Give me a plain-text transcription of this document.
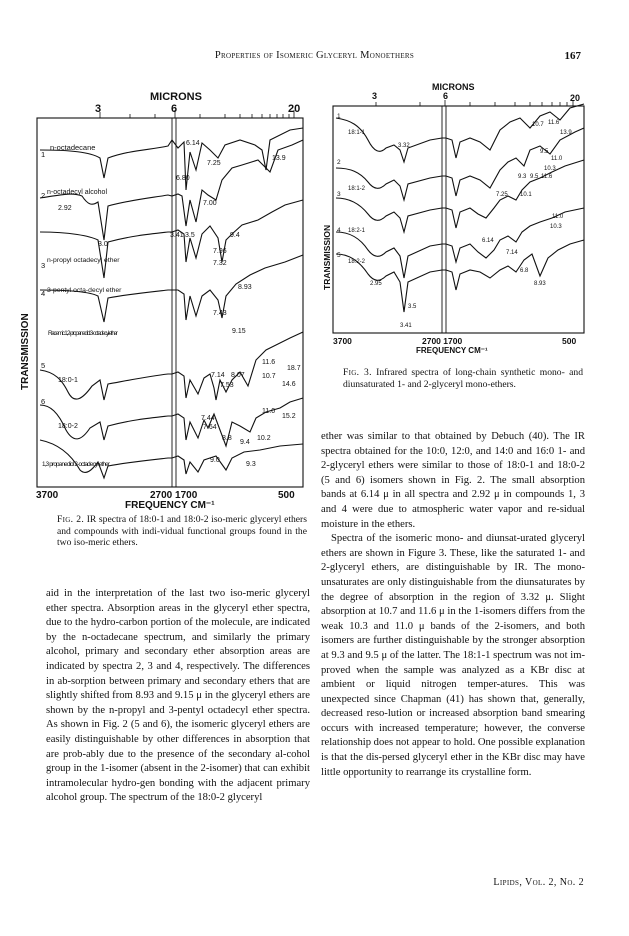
Properties of Isomeric Glyceryl Monoethers	167
MICRONS
3	6	20
TRANSMISSION
3700	2700 1700	500
FREQUENCY CM⁻¹
1
n-octadecane
2 n-octadecyl alcohol
3
n-propyl octadecyl ether
4 3-pentyl octa-decyl ether
5
Racemic 1,2-propanediol 3-octadecyl ether
18:0-1
6
18:0-2
1,3 propanediol 2-octadecyl ether
6.14
7.25
13.9
6.80
2.92
7.00
3.41 3.5	9.4
3.0
7.96
7.32
8.93
7.43
9.15
11.6
18.7
7.14 8.07 10.7
7.53	14.6
11.0
7.44	15.2
7.64
8.8
9.4
10.2
9.0
9.3
MICRONS
3	6	20
TRANSMISSION
3700	2700 1700	500
FREQUENCY CM⁻¹
1
18:1-1
2
3
18:1-2
4 18:2-1
5
18:2-2
3.32
10.7 11.6
13.9
9.5
11.0
10.3
9.3 9.5 11.6
7.25 10.1
11.0
6.14
7.14
10.3
6.8
8.93
2.95
3.5
3.41
Fig. 2. IR spectra of 18:0-1 and 18:0-2 iso-meric glyceryl ethers and compounds with indi-vidual functional groups found in the two iso-meric ethers.
Fig. 3. Infrared spectra of long-chain synthetic mono- and diunsaturated 1- and 2-glyceryl mono-ethers.

aid in the interpretation of the last two iso-meric glyceryl ether spectra. Absorption areas in the glyceryl ether spectra, due to the hydro-carbon portion of the molecule, are indicated by the n-octadecane spectrum, and similarly the primary alcohol, primary and secondary ether absorption areas are indicated by spectra 2, 3 and 4, respectively. The differences in ab-sorption between primary and secondary ethers that are slightly shifted from 8.93 and 9.15 μ in the glyceryl ethers are shown by the n-propyl and 3-pentyl octadecyl ether spectra. As shown in Fig. 2 (5 and 6), the isomeric glyceryl ethers are easily distinguishable by other differences in absorption that are prob-ably due to the presence of the secondary al-cohol group in the 1-isomer (absent in the 2-isomer) that can exhibit intramolecular hydro-gen bonding with the adjacent primary alcohol group. The spectrum of the 18:0-2 glyceryl

ether was similar to that obtained by Debuch (40). The IR spectra obtained for the 10:0, 12:0, and 14:0 and 16:0 1- and 2-glyceryl ethers were similar to those of 18:0-1 and 18:0-2 (5 and 6) isomers shown in Fig. 2. The small absorption bands at 6.14 μ in all spectra and 2.92 μ in compounds 1, 3 and 4 were due to atmospheric water vapor and re-sidual moisture in the ethers.

Spectra of the isomeric mono- and diunsat-urated glyceryl ethers are shown in Figure 3. These, like the saturated 1- and 2-glyceryl ethers, are distinguishable by IR. The mono-unsaturates are only distinguishable from the diunsaturates by the degree of absorption in the region of 3.32 μ. Slight absorption at 10.7 and 11.6 μ in the 1-isomers differs from the weak 10.3 and 11.0 μ bands of the 2-isomers, and both isomers are further distinguishable by the stronger absorption at 9.3 and 9.5 μ of the latter. The 18:1-1 spectrum was not im-proved when the sample was analyzed as a KBr disc at ambient or liquid nitrogen temper-atures. This was unexpected since Chapman (41) has shown that, generally, decreased reso-lution or increased absorption band smearing occurs with increased temperature; however, the converse relationship does not appear to hold. One possible explanation is that the dis-persed glyceryl ether in the KBr disc may have little opportunity to rearrange its crystalline form.

Lipids, Vol. 2, No. 2
